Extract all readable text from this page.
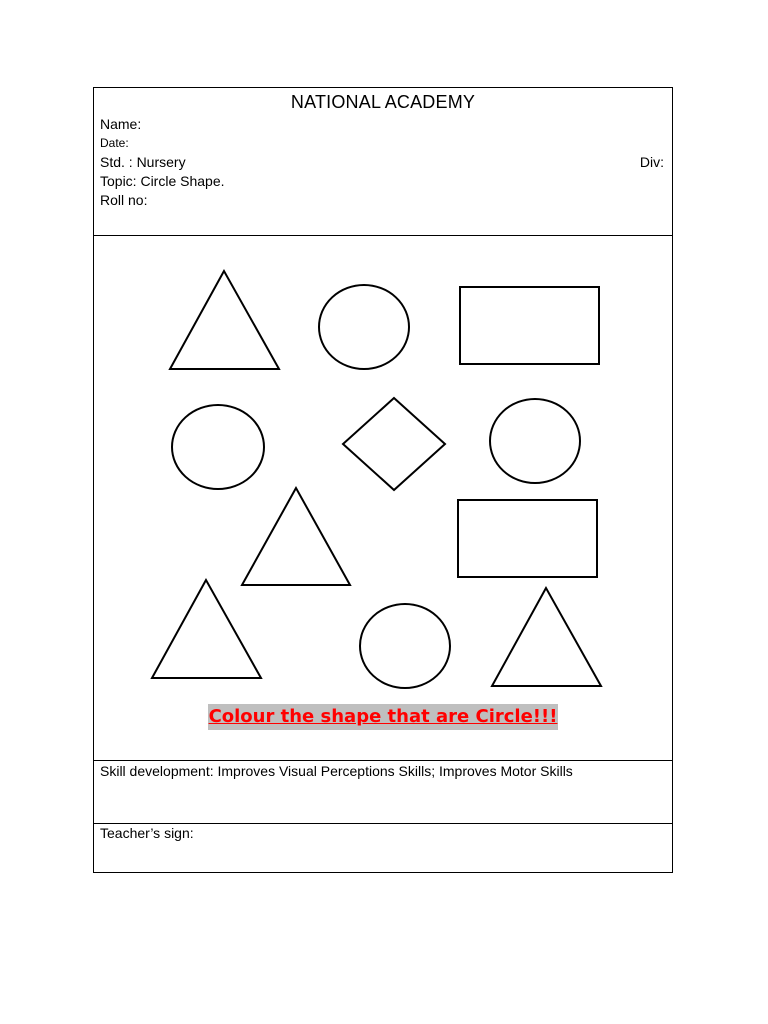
NATIONAL ACADEMY
Name:
Date:
Std. : Nursery	Div:
Topic: Circle Shape.
Roll no:
Colour the shape that are Circle!!!
Skill development: Improves Visual Perceptions Skills; Improves Motor Skills
Teacher’s sign:
